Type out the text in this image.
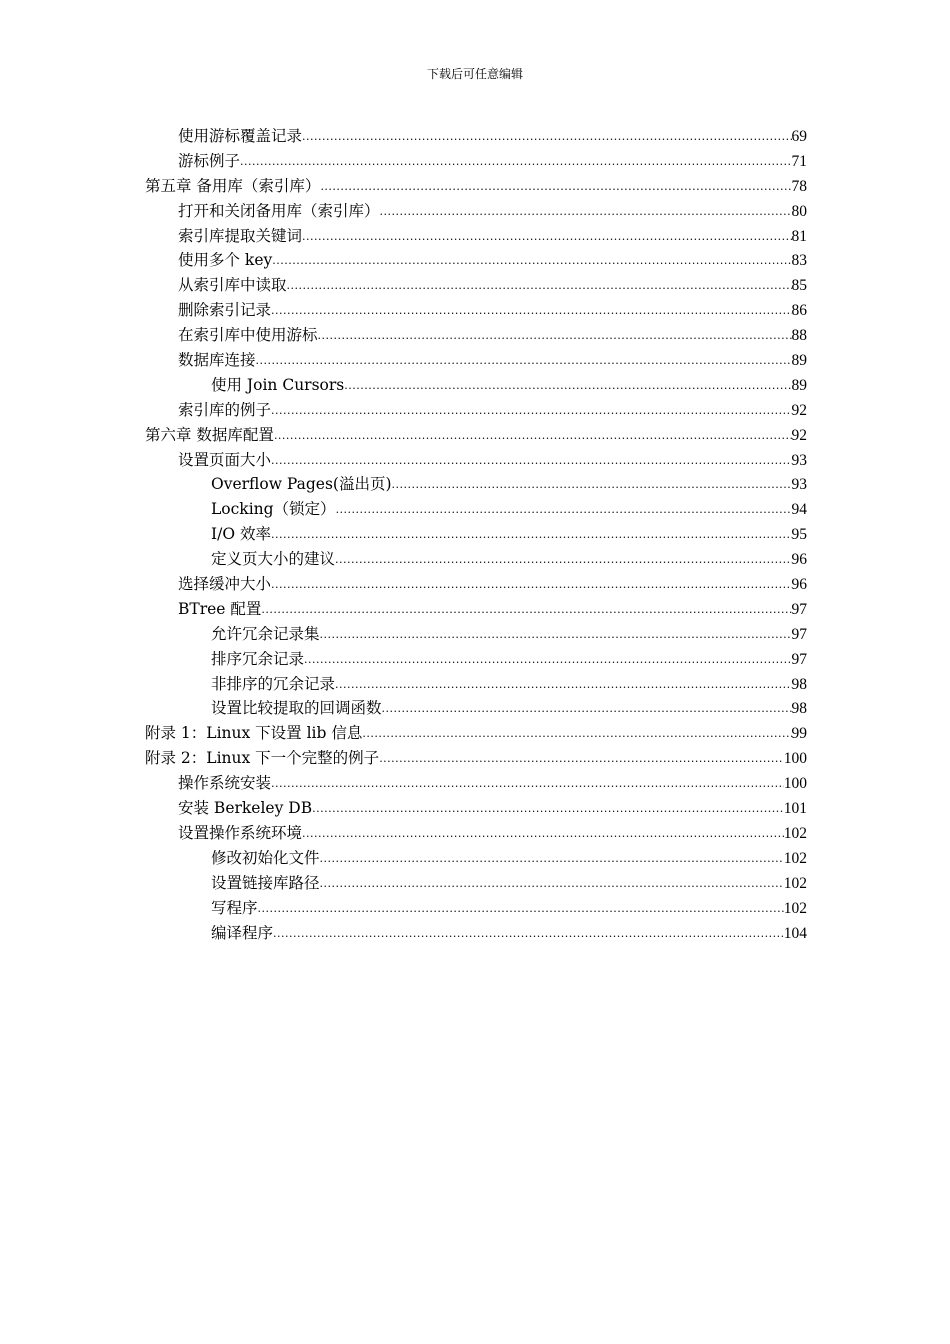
下载后可任意编辑
使用游标覆盖记录 .....	69
游标例子 .....	71
第五章 备用库（索引库） .....	78
打开和关闭备用库（索引库） .....	80
索引库提取关键词 .....	81
使用多个 key .....	83
从索引库中读取 .....	85
删除索引记录 .....	86
在索引库中使用游标 .....	88
数据库连接 .....	89
使用 Join Cursors .....	89
索引库的例子 .....	92
第六章 数据库配置 .....	92
设置页面大小 .....	93
Overflow Pages(溢出页) .....	93
Locking（锁定） .....	94
I/O 效率 .....	95
定义页大小的建议 .....	96
选择缓冲大小 .....	96
BTree 配置 .....	97
允许冗余记录集 .....	97
排序冗余记录 .....	97
非排序的冗余记录 .....	98
设置比较提取的回调函数 .....	98
附录 1：Linux 下设置 lib 信息 .....	99
附录 2：Linux 下一个完整的例子 .....	100
操作系统安装 .....	100
安装 Berkeley DB .....	101
设置操作系统环境 .....	102
修改初始化文件 .....	102
设置链接库路径 .....	102
写程序 .....	102
编译程序 .....	104
